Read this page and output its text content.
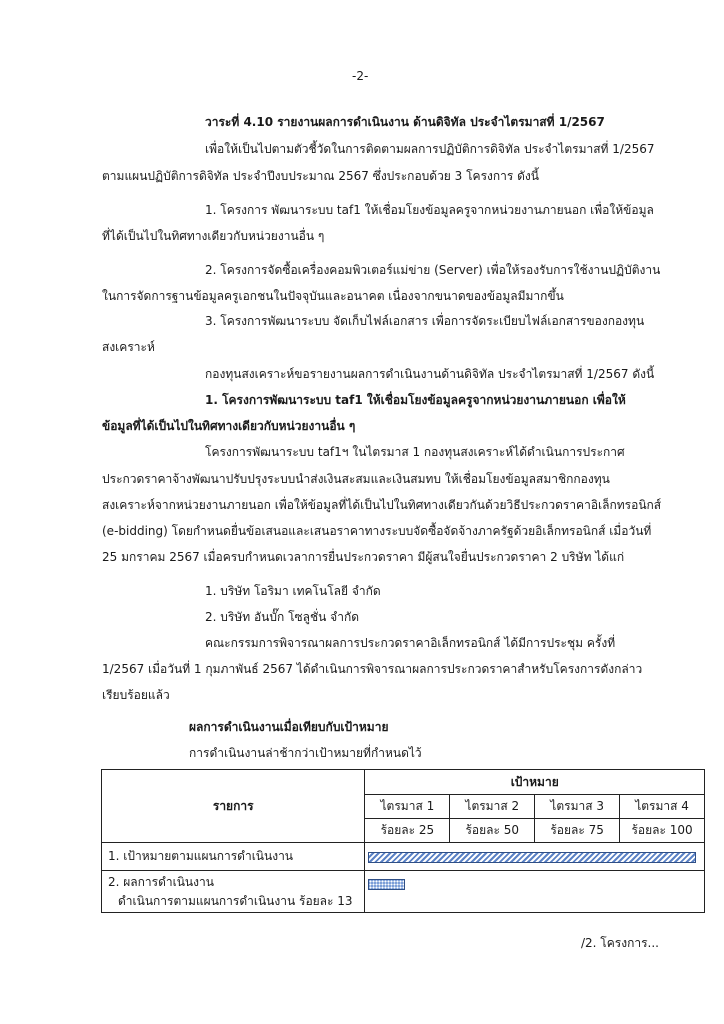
-2-
วาระที่ 4.10 รายงานผลการดำเนินงาน ด้านดิจิทัล ประจำไตรมาสที่ 1/2567
เพื่อให้เป็นไปตามตัวชี้วัดในการติดตามผลการปฏิบัติการดิจิทัล ประจำไตรมาสที่ 1/2567
ตามแผนปฏิบัติการดิจิทัล ประจำปีงบประมาณ 2567 ซึ่งประกอบด้วย 3 โครงการ ดังนี้
1. โครงการ พัฒนาระบบ taf1 ให้เชื่อมโยงข้อมูลครูจากหน่วยงานภายนอก เพื่อให้ข้อมูล
ที่ได้เป็นไปในทิศทางเดียวกับหน่วยงานอื่น ๆ
2. โครงการจัดซื้อเครื่องคอมพิวเตอร์แม่ข่าย (Server) เพื่อให้รองรับการใช้งานปฏิบัติงาน
ในการจัดการฐานข้อมูลครูเอกชนในปัจจุบันและอนาคต เนื่องจากขนาดของข้อมูลมีมากขึ้น
3. โครงการพัฒนาระบบ จัดเก็บไฟล์เอกสาร เพื่อการจัดระเบียบไฟล์เอกสารของกองทุน
สงเคราะห์
กองทุนสงเคราะห์ขอรายงานผลการดำเนินงานด้านดิจิทัล ประจำไตรมาสที่ 1/2567 ดังนี้
1. โครงการพัฒนาระบบ taf1 ให้เชื่อมโยงข้อมูลครูจากหน่วยงานภายนอก เพื่อให้
ข้อมูลที่ได้เป็นไปในทิศทางเดียวกับหน่วยงานอื่น ๆ
โครงการพัฒนาระบบ taf1ฯ ในไตรมาส 1 กองทุนสงเคราะห์ได้ดำเนินการประกาศ
ประกวดราคาจ้างพัฒนาปรับปรุงระบบนำส่งเงินสะสมและเงินสมทบ ให้เชื่อมโยงข้อมูลสมาชิกกองทุน
สงเคราะห์จากหน่วยงานภายนอก เพื่อให้ข้อมูลที่ได้เป็นไปในทิศทางเดียวกันด้วยวิธีประกวดราคาอิเล็กทรอนิกส์
(e-bidding) โดยกำหนดยื่นข้อเสนอและเสนอราคาทางระบบจัดซื้อจัดจ้างภาครัฐด้วยอิเล็กทรอนิกส์ เมื่อวันที่
25 มกราคม 2567 เมื่อครบกำหนดเวลาการยื่นประกวดราคา มีผู้สนใจยื่นประกวดราคา 2 บริษัท ได้แก่
1. บริษัท โอริมา เทคโนโลยี จำกัด
2. บริษัท อันบั๊ก โซลูชั่น จำกัด
คณะกรรมการพิจารณาผลการประกวดราคาอิเล็กทรอนิกส์ ได้มีการประชุม ครั้งที่
1/2567 เมื่อวันที่ 1 กุมภาพันธ์ 2567 ได้ดำเนินการพิจารณาผลการประกวดราคาสำหรับโครงการดังกล่าว
เรียบร้อยแล้ว
ผลการดำเนินงานเมื่อเทียบกับเป้าหมาย
การดำเนินงานล่าช้ากว่าเป้าหมายที่กำหนดไว้
รายการ	เป้าหมาย			
	ไตรมาส 1	ไตรมาส 2	ไตรมาส 3	ไตรมาส 4
	ร้อยละ 25	ร้อยละ 50	ร้อยละ 75	ร้อยละ 100
1. เป้าหมายตามแผนการดำเนินงาน				

2. ผลการดำเนินงาน
ดำเนินการตามแผนการดำเนินงาน ร้อยละ 13				

/2. โครงการ...
